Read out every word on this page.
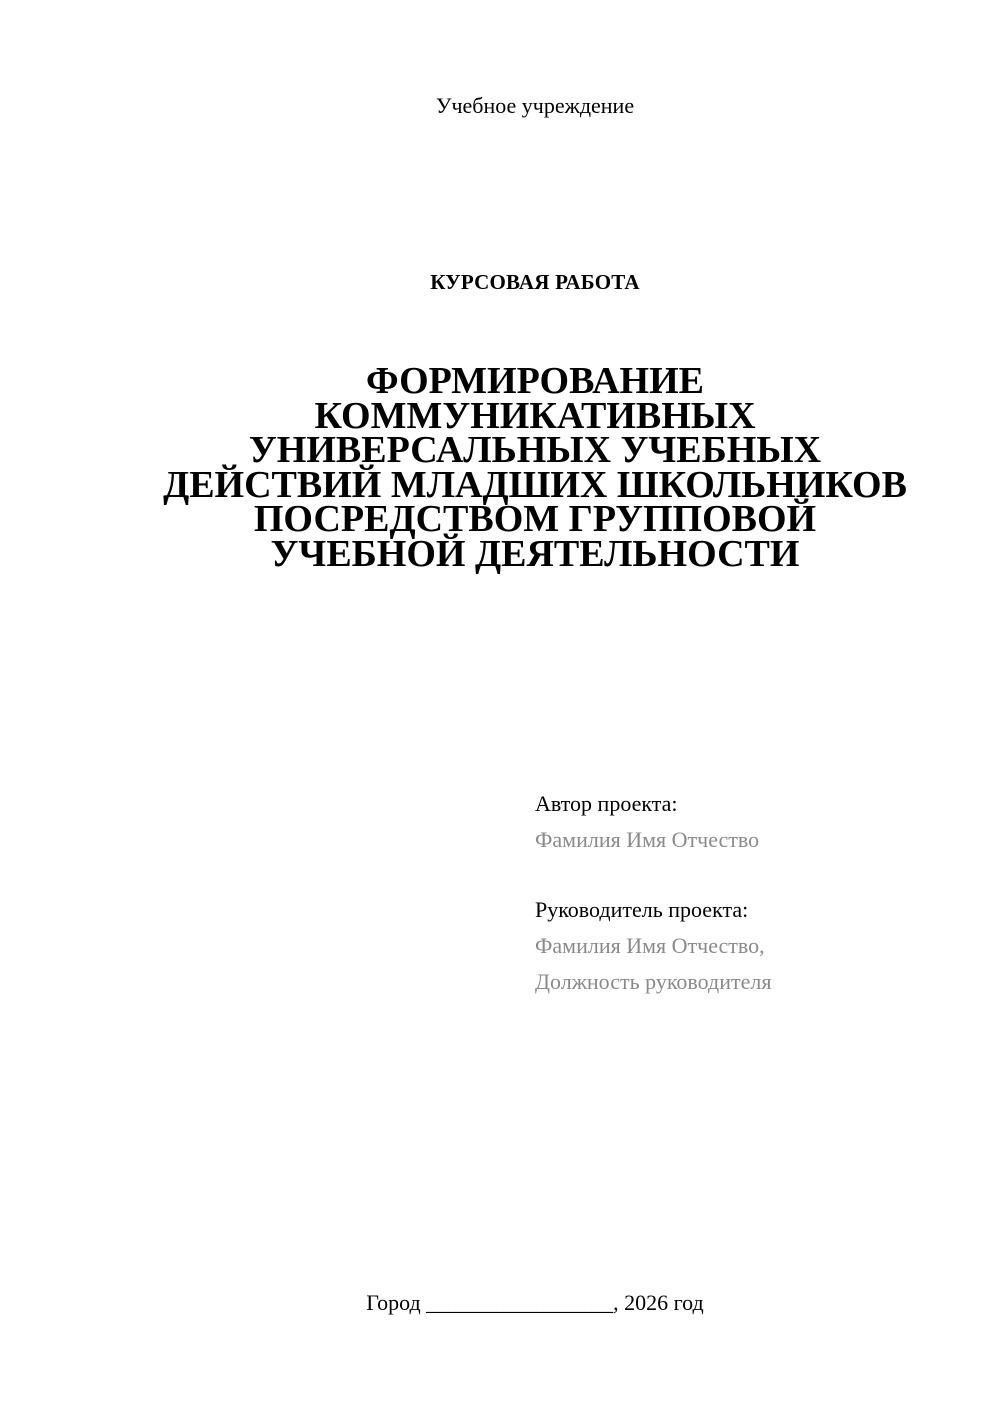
Учебное учреждение
КУРСОВАЯ РАБОТА
ФОРМИРОВАНИЕ
КОММУНИКАТИВНЫХ
УНИВЕРСАЛЬНЫХ УЧЕБНЫХ
ДЕЙСТВИЙ МЛАДШИХ ШКОЛЬНИКОВ
ПОСРЕДСТВОМ ГРУППОВОЙ
УЧЕБНОЙ ДЕЯТЕЛЬНОСТИ
Автор проекта:
Фамилия Имя Отчество
Руководитель проекта:
Фамилия Имя Отчество,
Должность руководителя
Город _________________, 2026 год
